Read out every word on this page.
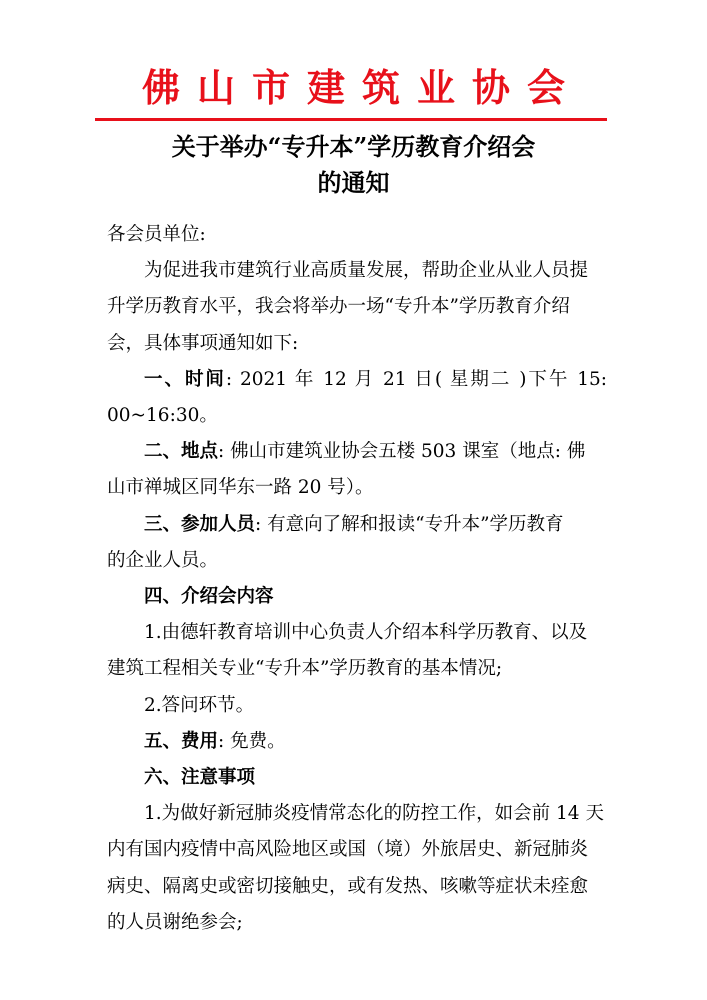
佛山市建筑业协会
关于举办“专升本”学历教育介绍会
的通知

各会员单位:

为促进我市建筑行业高质量发展，帮助企业从业人员提
升学历教育水平，我会将举办一场“专升本”学历教育介绍
会，具体事项通知如下:

一、时间: 2021 年 12 月 21 日( 星期二 )下午 15: 00~16:30。

二、地点: 佛山市建筑业协会五楼 503 课室（地点: 佛
山市禅城区同华东一路 20 号）。

三、参加人员: 有意向了解和报读“专升本”学历教育
的企业人员。

四、介绍会内容

1.由德轩教育培训中心负责人介绍本科学历教育、以及
建筑工程相关专业“专升本”学历教育的基本情况;

2.答问环节。

五、费用: 免费。

六、注意事项

1.为做好新冠肺炎疫情常态化的防控工作，如会前 14 天
内有国内疫情中高风险地区或国（境）外旅居史、新冠肺炎
病史、隔离史或密切接触史，或有发热、咳嗽等症状未痊愈
的人员谢绝参会;
